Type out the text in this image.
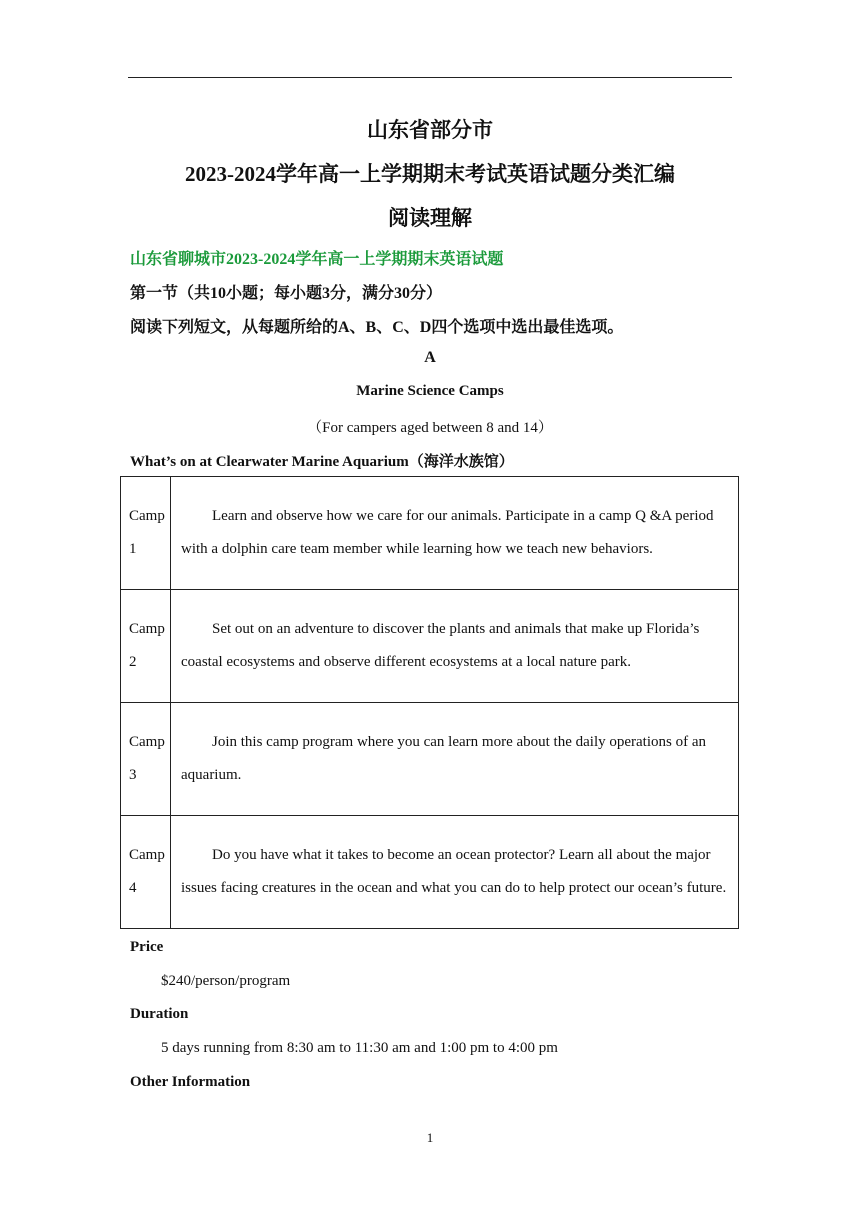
山东省部分市
2023-2024学年高一上学期期末考试英语试题分类汇编
阅读理解
山东省聊城市2023-2024学年高一上学期期末英语试题
第一节（共10小题；每小题3分，满分30分）
阅读下列短文，从每题所给的A、B、C、D四个选项中选出最佳选项。
A
Marine Science Camps
（For campers aged between 8 and 14）
What’s on at Clearwater Marine Aquarium（海洋水族馆）
Camp 1	Learn and observe how we care for our animals. Participate in a camp Q &A period with a dolphin care team member while learning how we teach new behaviors.
Camp 2	Set out on an adventure to discover the plants and animals that make up Florida’s coastal ecosystems and observe different ecosystems at a local nature park.
Camp 3	Join this camp program where you can learn more about the daily operations of an aquarium.
Camp 4	Do you have what it takes to become an ocean protector? Learn all about the major issues facing creatures in the ocean and what you can do to help protect our ocean’s future.
Price
$240/person/program
Duration
5 days running from 8:30 am to 11:30 am and 1:00 pm to 4:00 pm
Other Information
1
